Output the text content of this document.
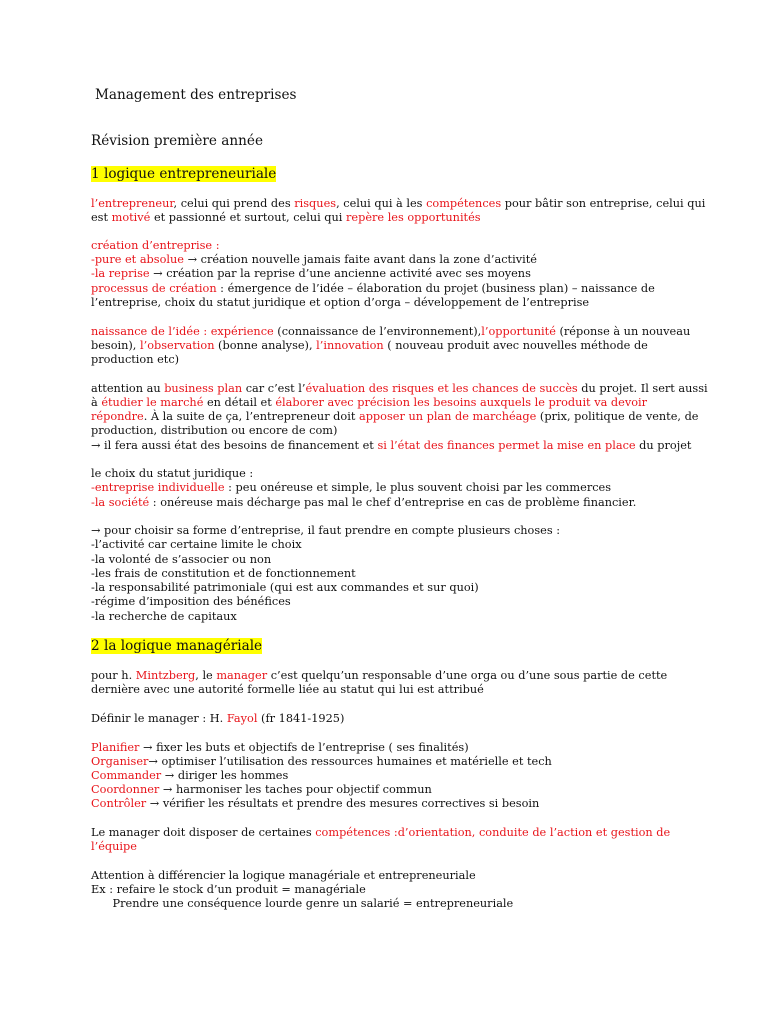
Management des entreprises
Révision première année
1 logique entrepreneuriale
l’entrepreneur, celui qui prend des risques, celui qui à les compétences pour bâtir son entreprise, celui qui
est motivé et passionné et surtout, celui qui repère les opportunités
création d’entreprise :
-pure et absolue → création nouvelle jamais faite avant dans la zone d’activité
-la reprise → création par la reprise d’une ancienne activité avec ses moyens
processus de création : émergence de l’idée – élaboration du projet (business plan) – naissance de
l’entreprise, choix du statut juridique et option d’orga – développement de l’entreprise
naissance de l’idée : expérience (connaissance de l’environnement),l’opportunité (réponse à un nouveau
besoin), l’observation (bonne analyse), l’innovation ( nouveau produit avec nouvelles méthode de
production etc)
attention au business plan car c’est l’évaluation des risques et les chances de succès du projet. Il sert aussi
à étudier le marché en détail et élaborer avec précision les besoins auxquels le produit va devoir
répondre. À la suite de ça, l’entrepreneur doit apposer un plan de marchéage (prix, politique de vente, de
production, distribution ou encore de com)
→ il fera aussi état des besoins de financement et si l’état des finances permet la mise en place du projet
le choix du statut juridique :
-entreprise individuelle : peu onéreuse et simple, le plus souvent choisi par les commerces
-la société : onéreuse mais décharge pas mal le chef d’entreprise en cas de problème financier.
→ pour choisir sa forme d’entreprise, il faut prendre en compte plusieurs choses :
-l’activité car certaine limite le choix
-la volonté de s’associer ou non
-les frais de constitution et de fonctionnement
-la responsabilité patrimoniale (qui est aux commandes et sur quoi)
-régime d’imposition des bénéfices
-la recherche de capitaux
2 la logique managériale
pour h. Mintzberg, le manager c’est quelqu’un responsable d’une orga ou d’une sous partie de cette
dernière avec une autorité formelle liée au statut qui lui est attribué
Définir le manager : H. Fayol (fr 1841-1925)
Planifier → fixer les buts et objectifs de l’entreprise ( ses finalités)
Organiser→ optimiser l’utilisation des ressources humaines et matérielle et tech
Commander → diriger les hommes
Coordonner → harmoniser les taches pour objectif commun
Contrôler → vérifier les résultats et prendre des mesures correctives si besoin
Le manager doit disposer de certaines compétences :d’orientation, conduite de l’action et gestion de
l’équipe
Attention à différencier la logique managériale et entrepreneuriale
Ex : refaire le stock d’un produit = managériale
Prendre une conséquence lourde genre un salarié = entrepreneuriale
